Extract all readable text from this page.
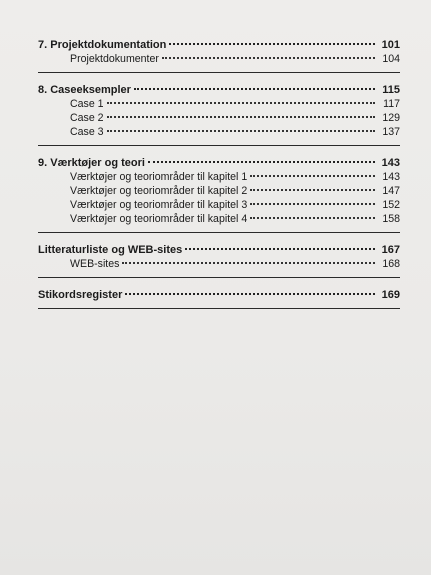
7. Projektdokumentation	101
Projektdokumenter	104
8. Caseeksempler	115
Case 1	117
Case 2	129
Case 3	137
9. Værktøjer og teori	143
Værktøjer og teoriområder til kapitel 1	143
Værktøjer og teoriområder til kapitel 2	147
Værktøjer og teoriområder til kapitel 3	152
Værktøjer og teoriområder til kapitel 4	158
Litteraturliste og WEB-sites	167
WEB-sites	168
Stikordsregister	169
